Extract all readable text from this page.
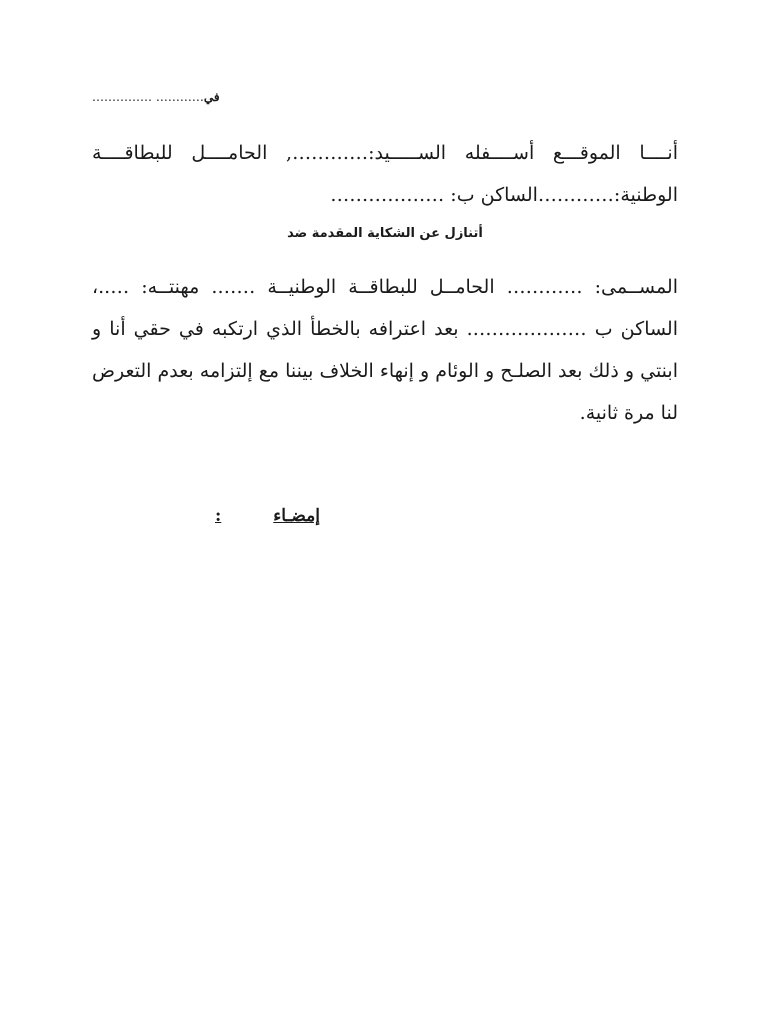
في………… ……………
أنــــا الموقـــع أســــفله الســـــيد:…………, الحامــــل للبطاقــــة الوطنية:…………الساكن ب: ………………
أتنازل عن الشكاية المقدمة ضد
المســمى: ………… الحامــل للبطاقــة الوطنيــة ……. مهنتــه: …..، الساكن ب ………………. بعد اعترافه بالخطأ الذي ارتكبه في حقي أنا و ابنتي و ذلك بعد الصلـح و الوئام و إنهاء الخلاف بيننا مع إلتزامه بعدم التعرض لنا مرة ثانية.
إمضـاء:
